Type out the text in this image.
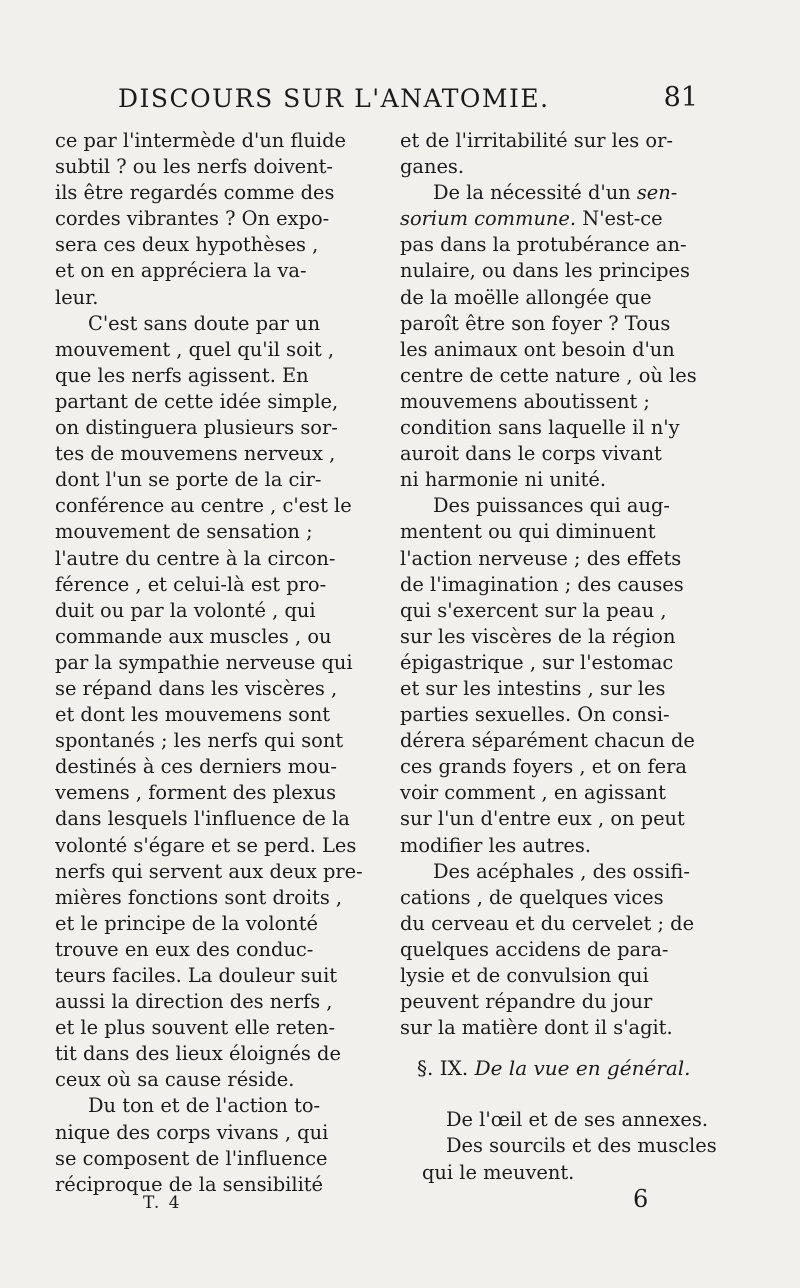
DISCOURS SUR L'ANATOMIE.	81
ce par l'intermède d'un fluide
subtil ? ou les nerfs doivent-
ils être regardés comme des
cordes vibrantes ? On expo-
sera ces deux hypothèses ,
et on en appréciera la va-
leur.
C'est sans doute par un
mouvement , quel qu'il soit ,
que les nerfs agissent. En
partant de cette idée simple,
on distinguera plusieurs sor-
tes de mouvemens nerveux ,
dont l'un se porte de la cir-
conférence au centre , c'est le
mouvement de sensation ;
l'autre du centre à la circon-
férence , et celui-là est pro-
duit ou par la volonté , qui
commande aux muscles , ou
par la sympathie nerveuse qui
se répand dans les viscères ,
et dont les mouvemens sont
spontanés ; les nerfs qui sont
destinés à ces derniers mou-
vemens , forment des plexus
dans lesquels l'influence de la
volonté s'égare et se perd. Les
nerfs qui servent aux deux pre-
mières fonctions sont droits ,
et le principe de la volonté
trouve en eux des conduc-
teurs faciles. La douleur suit
aussi la direction des nerfs ,
et le plus souvent elle reten-
tit dans des lieux éloignés de
ceux où sa cause réside.
Du ton et de l'action to-
nique des corps vivans , qui
se composent de l'influence
réciproque de la sensibilité
et de l'irritabilité sur les or-
ganes.
De la nécessité d'un sen-
sorium commune. N'est-ce
pas dans la protubérance an-
nulaire, ou dans les principes
de la moëlle allongée que
paroît être son foyer ? Tous
les animaux ont besoin d'un
centre de cette nature , où les
mouvemens aboutissent ;
condition sans laquelle il n'y
auroit dans le corps vivant
ni harmonie ni unité.
Des puissances qui aug-
mentent ou qui diminuent
l'action nerveuse ; des effets
de l'imagination ; des causes
qui s'exercent sur la peau ,
sur les viscères de la région
épigastrique , sur l'estomac
et sur les intestins , sur les
parties sexuelles. On consi-
dérera séparément chacun de
ces grands foyers , et on fera
voir comment , en agissant
sur l'un d'entre eux , on peut
modifier les autres.
Des acéphales , des ossifi-
cations , de quelques vices
du cerveau et du cervelet ; de
quelques accidens de para-
lysie et de convulsion qui
peuvent répandre du jour
sur la matière dont il s'agit.
§. IX. De la vue en général.
De l'œil et de ses annexes.
Des sourcils et des muscles
qui le meuvent.
T. 4	6
